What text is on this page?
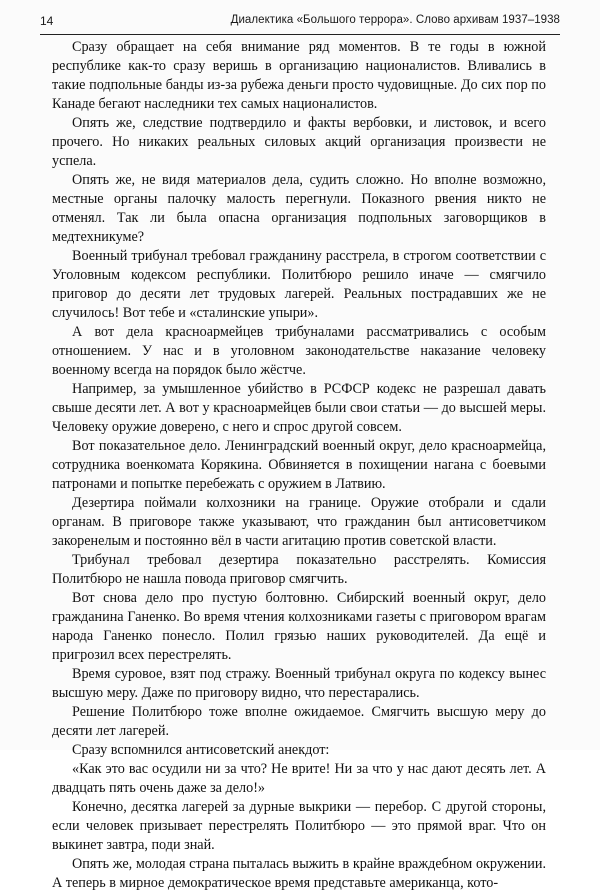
14	Диалектика «Большого террора». Слово архивам 1937–1938

Сразу обращает на себя внимание ряд моментов. В те годы в южной республике как-то сразу веришь в организацию националистов. Вливались в такие подпольные банды из-за рубежа деньги просто чудовищные. До сих пор по Канаде бегают наследники тех самых националистов.

Опять же, следствие подтвердило и факты вербовки, и листовок, и всего прочего. Но никаких реальных силовых акций организация произвести не успела.

Опять же, не видя материалов дела, судить сложно. Но вполне возможно, местные органы палочку малость перегнули. Показного рвения никто не отменял. Так ли была опасна организация подпольных заговорщиков в медтехникуме?

Военный трибунал требовал гражданину расстрела, в строгом соответствии с Уголовным кодексом республики. Политбюро решило иначе — смягчило приговор до десяти лет трудовых лагерей. Реальных пострадавших же не случилось! Вот тебе и «сталинские упыри».

А вот дела красноармейцев трибуналами рассматривались с особым отношением. У нас и в уголовном законодательстве наказание человеку военному всегда на порядок было жёстче.

Например, за умышленное убийство в РСФСР кодекс не разрешал давать свыше десяти лет. А вот у красноармейцев были свои статьи — до высшей меры. Человеку оружие доверено, с него и спрос другой совсем.

Вот показательное дело. Ленинградский военный округ, дело красноармейца, сотрудника военкомата Корякина. Обвиняется в похищении нагана с боевыми патронами и попытке перебежать с оружием в Латвию.

Дезертира поймали колхозники на границе. Оружие отобрали и сдали органам. В приговоре также указывают, что гражданин был антисоветчиком закоренелым и постоянно вёл в части агитацию против советской власти.

Трибунал требовал дезертира показательно расстрелять. Комиссия Политбюро не нашла повода приговор смягчить.

Вот снова дело про пустую болтовню. Сибирский военный округ, дело гражданина Ганенко. Во время чтения колхозниками газеты с приговором врагам народа Ганенко понесло. Полил грязью наших руководителей. Да ещё и пригрозил всех перестрелять.

Время суровое, взят под стражу. Военный трибунал округа по кодексу вынес высшую меру. Даже по приговору видно, что перестарались.

Решение Политбюро тоже вполне ожидаемое. Смягчить высшую меру до десяти лет лагерей.

Сразу вспомнился антисоветский анекдот:

«Как это вас осудили ни за что? Не врите! Ни за что у нас дают десять лет. А двадцать пять очень даже за дело!»

Конечно, десятка лагерей за дурные выкрики — перебор. С другой стороны, если человек призывает перестрелять Политбюро — это прямой враг. Что он выкинет завтра, поди знай.

Опять же, молодая страна пыталась выжить в крайне враждебном окружении. А теперь в мирное демократическое время представьте американца, кото-
